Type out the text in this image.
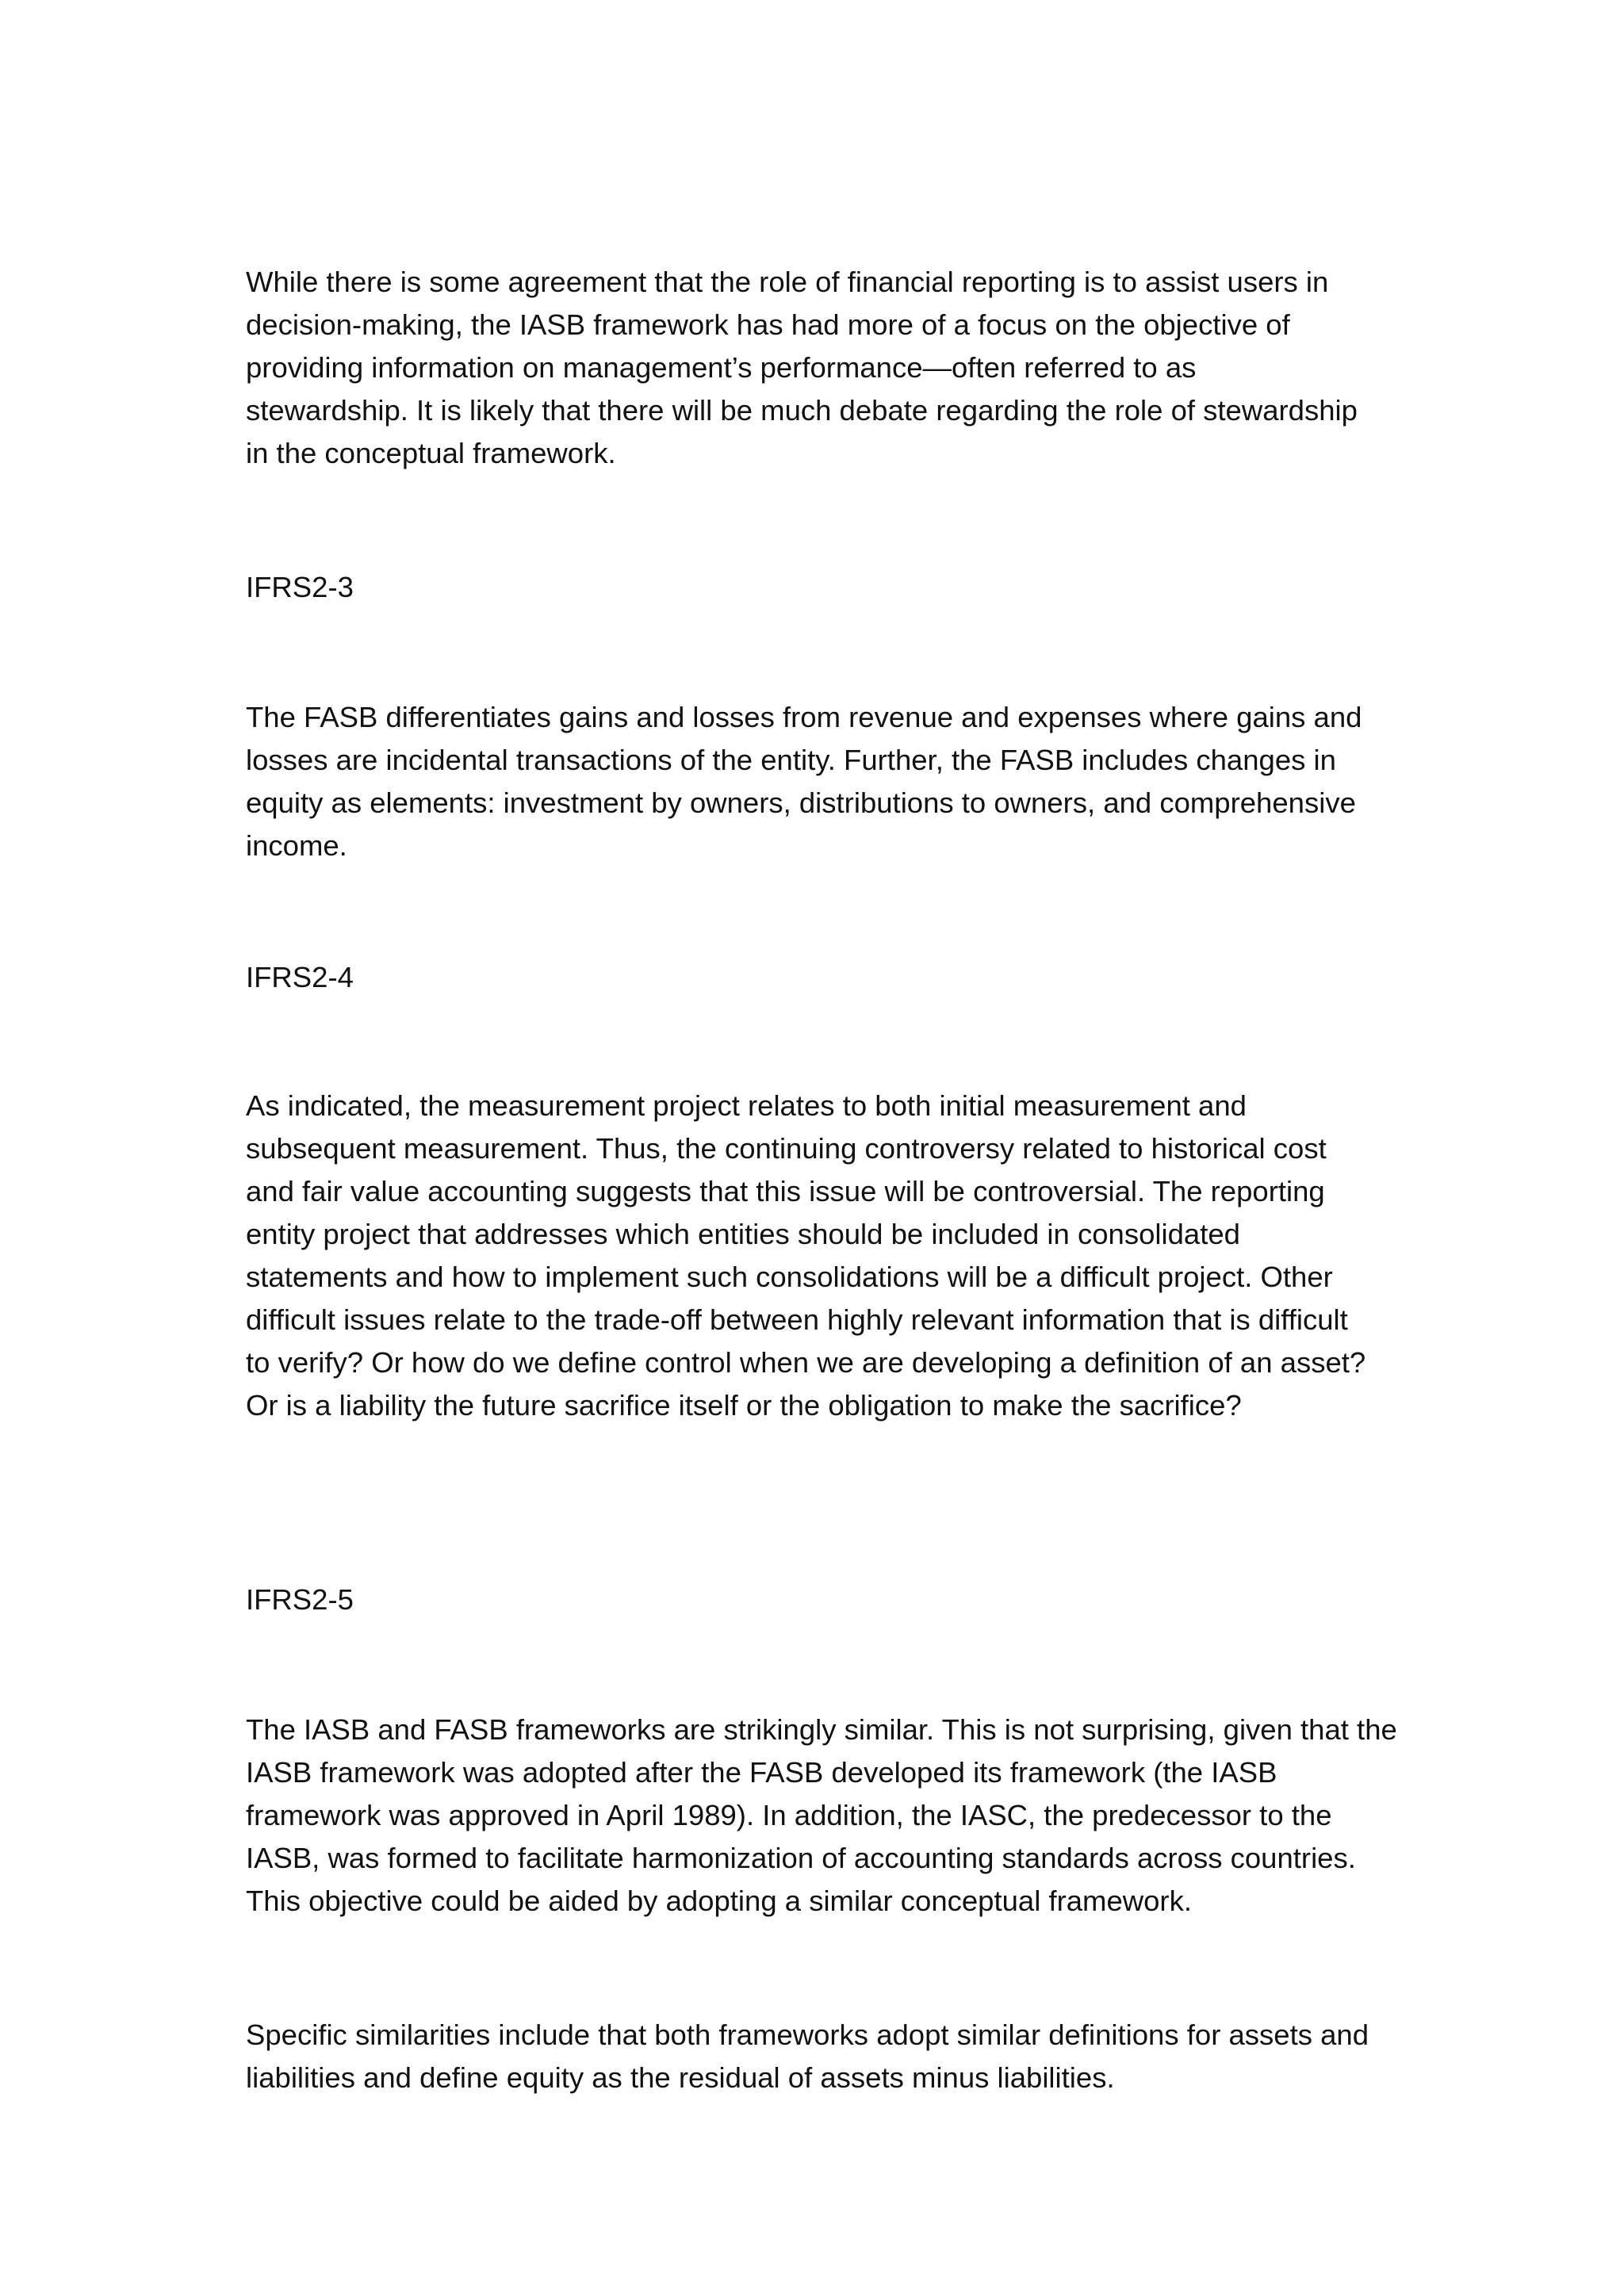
While there is some agreement that the role of financial reporting is to assist users in
decision-making, the IASB framework has had more of a focus on the objective of
providing information on management’s performance—often referred to as
stewardship. It is likely that there will be much debate regarding the role of stewardship
in the conceptual framework.

IFRS2-3

The FASB differentiates gains and losses from revenue and expenses where gains and
losses are incidental transactions of the entity. Further, the FASB includes changes in
equity as elements: investment by owners, distributions to owners, and comprehensive
income.

IFRS2-4

As indicated, the measurement project relates to both initial measurement and
subsequent measurement. Thus, the continuing controversy related to historical cost
and fair value accounting suggests that this issue will be controversial. The reporting
entity project that addresses which entities should be included in consolidated
statements and how to implement such consolidations will be a difficult project. Other
difficult issues relate to the trade-off between highly relevant information that is difficult
to verify? Or how do we define control when we are developing a definition of an asset?
Or is a liability the future sacrifice itself or the obligation to make the sacrifice?

IFRS2-5

The IASB and FASB frameworks are strikingly similar. This is not surprising, given that the
IASB framework was adopted after the FASB developed its framework (the IASB
framework was approved in April 1989). In addition, the IASC, the predecessor to the
IASB, was formed to facilitate harmonization of accounting standards across countries.
This objective could be aided by adopting a similar conceptual framework.

Specific similarities include that both frameworks adopt similar definitions for assets and
liabilities and define equity as the residual of assets minus liabilities.
